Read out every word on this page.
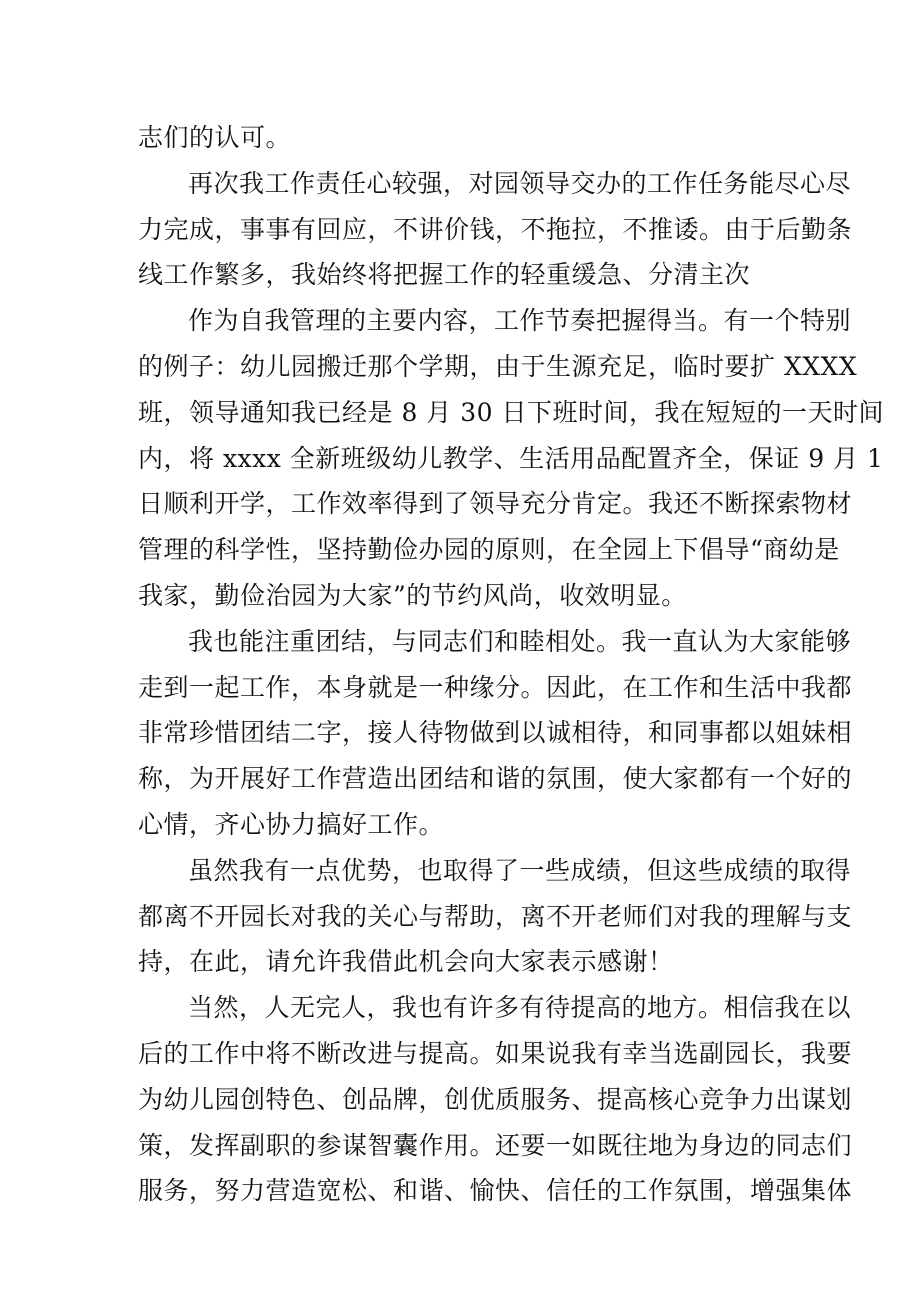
志们的认可。
再次我工作责任心较强，对园领导交办的工作任务能尽心尽
力完成，事事有回应，不讲价钱，不拖拉，不推诿。由于后勤条
线工作繁多，我始终将把握工作的轻重缓急、分清主次
作为自我管理的主要内容，工作节奏把握得当。有一个特别
的例子：幼儿园搬迁那个学期，由于生源充足，临时要扩 XXXX
班，领导通知我已经是 8 月 30 日下班时间，我在短短的一天时间
内，将 xxxx 全新班级幼儿教学、生活用品配置齐全，保证 9 月 1
日顺利开学，工作效率得到了领导充分肯定。我还不断探索物材
管理的科学性，坚持勤俭办园的原则，在全园上下倡导“商幼是
我家，勤俭治园为大家”的节约风尚，收效明显。
我也能注重团结，与同志们和睦相处。我一直认为大家能够
走到一起工作，本身就是一种缘分。因此，在工作和生活中我都
非常珍惜团结二字，接人待物做到以诚相待，和同事都以姐妹相
称，为开展好工作营造出团结和谐的氛围，使大家都有一个好的
心情，齐心协力搞好工作。
虽然我有一点优势，也取得了一些成绩，但这些成绩的取得
都离不开园长对我的关心与帮助，离不开老师们对我的理解与支
持，在此，请允许我借此机会向大家表示感谢！
当然，人无完人，我也有许多有待提高的地方。相信我在以
后的工作中将不断改进与提高。如果说我有幸当选副园长，我要
为幼儿园创特色、创品牌，创优质服务、提高核心竞争力出谋划
策，发挥副职的参谋智囊作用。还要一如既往地为身边的同志们
服务，努力营造宽松、和谐、愉快、信任的工作氛围，增强集体
